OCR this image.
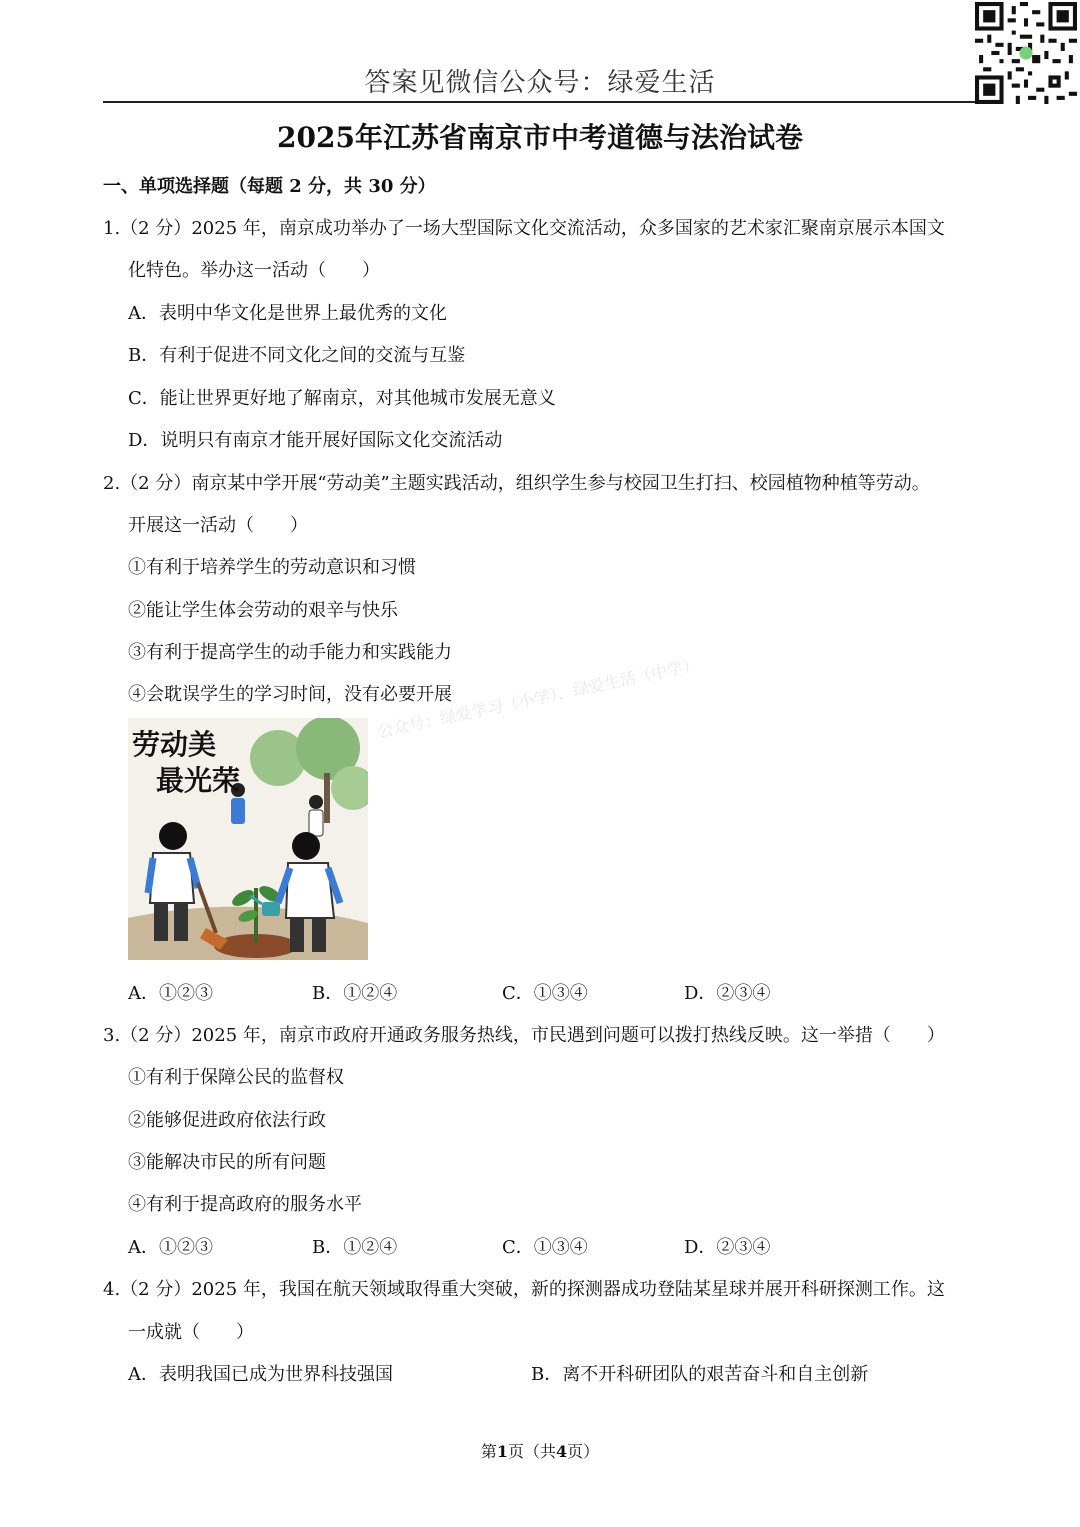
答案见微信公众号：绿爱生活
2025年江苏省南京市中考道德与法治试卷
一、单项选择题（每题 2 分，共 30 分）
1.（2 分）2025 年，南京成功举办了一场大型国际文化交流活动，众多国家的艺术家汇聚南京展示本国文
化特色。举办这一活动（　　）
A．表明中华文化是世界上最优秀的文化
B．有利于促进不同文化之间的交流与互鉴
C．能让世界更好地了解南京，对其他城市发展无意义
D．说明只有南京才能开展好国际文化交流活动
2.（2 分）南京某中学开展“劳动美”主题实践活动，组织学生参与校园卫生打扫、校园植物种植等劳动。
开展这一活动（　　）
①有利于培养学生的劳动意识和习惯
②能让学生体会劳动的艰辛与快乐
③有利于提高学生的动手能力和实践能力
④会耽误学生的学习时间，没有必要开展
劳动美
最光荣
公众号：绿爱学习（小学），绿爱生活（中学）
A．①②③	B．①②④	C．①③④	D．②③④
3.（2 分）2025 年，南京市政府开通政务服务热线，市民遇到问题可以拨打热线反映。这一举措（　　）
①有利于保障公民的监督权
②能够促进政府依法行政
③能解决市民的所有问题
④有利于提高政府的服务水平
A．①②③	B．①②④	C．①③④	D．②③④
4.（2 分）2025 年，我国在航天领域取得重大突破，新的探测器成功登陆某星球并展开科研探测工作。这
一成就（　　）
A．表明我国已成为世界科技强国	B．离不开科研团队的艰苦奋斗和自主创新
第1页（共4页）
